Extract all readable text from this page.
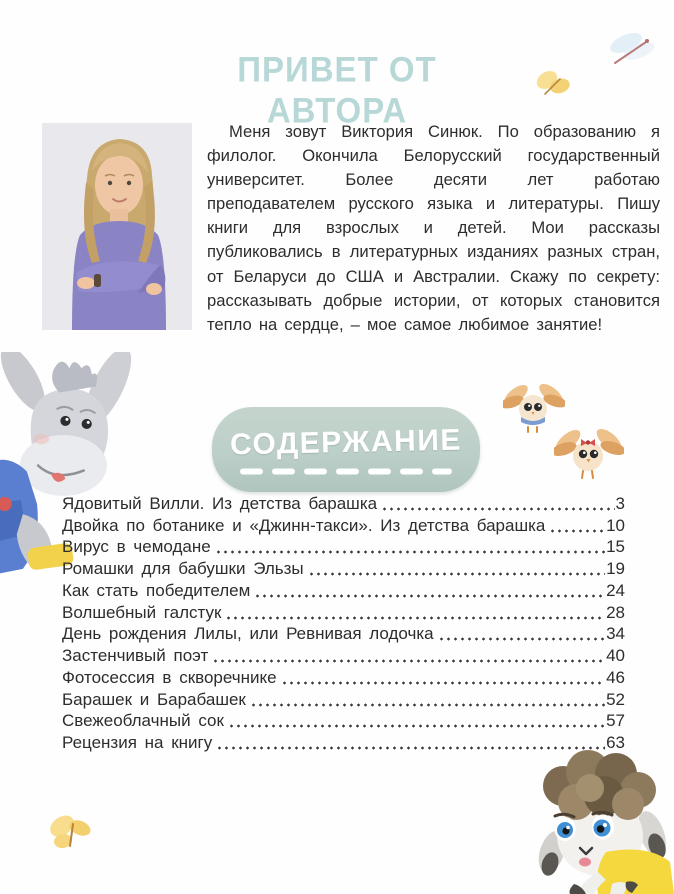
ПРИВЕТ ОТ АВТОРА

Меня зовут Виктория Синюк. По образованию я филолог. Окончила Белорусский государственный университет. Более десяти лет работаю преподавателем русского языка и литературы. Пишу книги для взрослых и детей. Мои рассказы публиковались в литературных изданиях разных стран, от Беларуси до США и Австралии. Скажу по секрету: рассказывать добрые истории, от которых становится тепло на сердце, – мое самое любимое занятие!

СОДЕРЖАНИЕ
Ядовитый Вилли. Из детства барашка	3
Двойка по ботанике и «Джинн-такси». Из детства барашка	10
Вирус в чемодане	15
Ромашки для бабушки Эльзы	19
Как стать победителем	24
Волшебный галстук	28
День рождения Лилы, или Ревнивая лодочка	34
Застенчивый поэт	40
Фотосессия в скворечнике	46
Барашек и Барабашек	52
Свежеоблачный сок	57
Рецензия на книгу	63
